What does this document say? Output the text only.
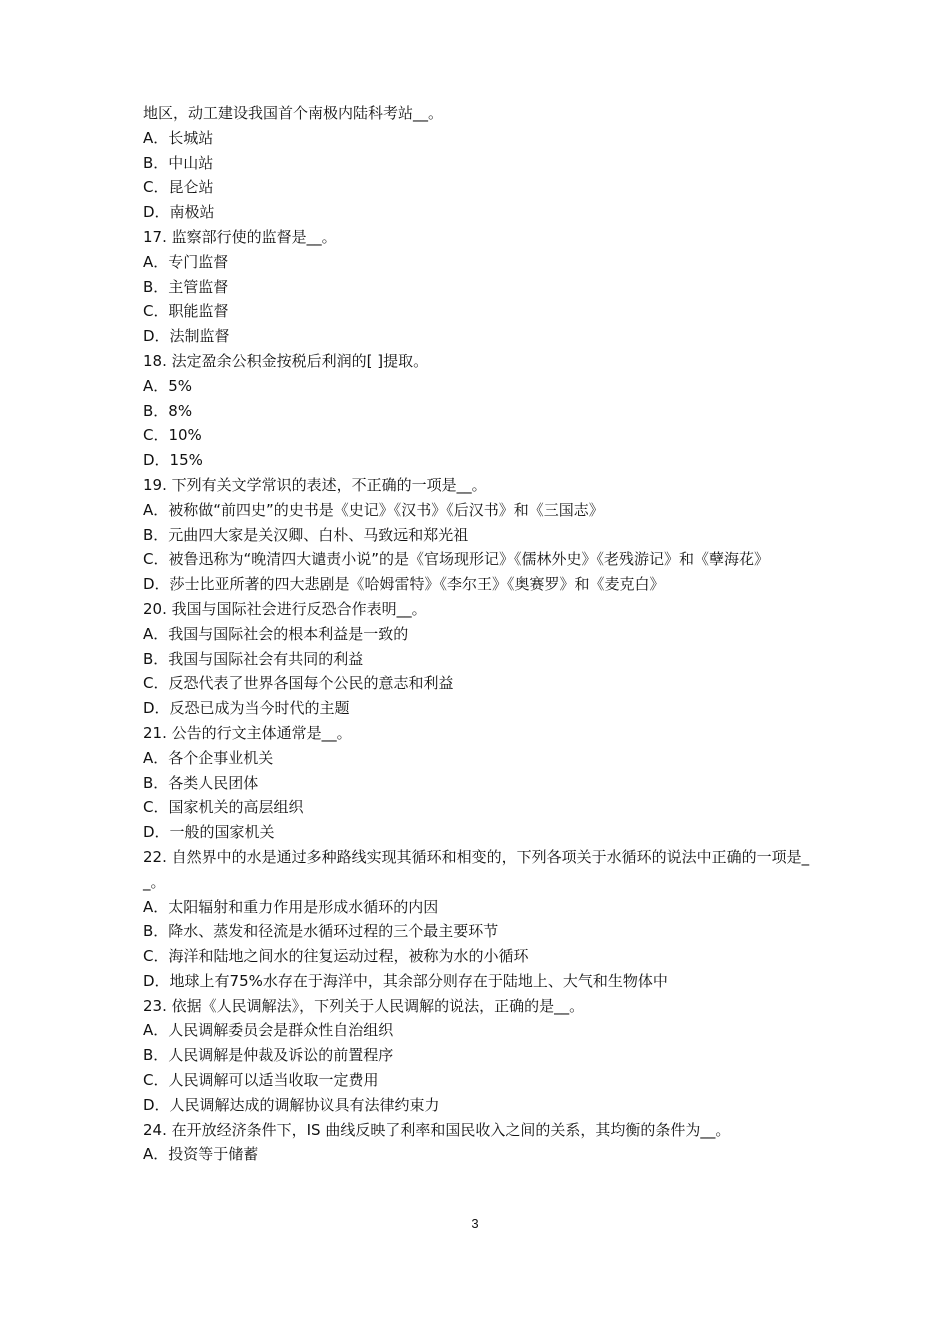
地区，动工建设我国首个南极内陆科考站__。
A．长城站
B．中山站
C．昆仑站
D．南极站
17. 监察部行使的监督是__。
A．专门监督
B．主管监督
C．职能监督
D．法制监督
18. 法定盈余公积金按税后利润的[ ]提取。
A．5%
B．8%
C．10%
D．15%
19. 下列有关文学常识的表述，不正确的一项是__。
A．被称做“前四史”的史书是《史记》《汉书》《后汉书》和《三国志》
B．元曲四大家是关汉卿、白朴、马致远和郑光祖
C．被鲁迅称为“晚清四大谴责小说”的是《官场现形记》《儒林外史》《老残游记》和《孽海花》
D．莎士比亚所著的四大悲剧是《哈姆雷特》《李尔王》《奥赛罗》和《麦克白》
20. 我国与国际社会进行反恐合作表明__。
A．我国与国际社会的根本利益是一致的
B．我国与国际社会有共同的利益
C．反恐代表了世界各国每个公民的意志和利益
D．反恐已成为当今时代的主题
21. 公告的行文主体通常是__。
A．各个企事业机关
B．各类人民团体
C．国家机关的高层组织
D．一般的国家机关
22. 自然界中的水是通过多种路线实现其循环和相变的，下列各项关于水循环的说法中正确的一项是__。
A．太阳辐射和重力作用是形成水循环的内因
B．降水、蒸发和径流是水循环过程的三个最主要环节
C．海洋和陆地之间水的往复运动过程，被称为水的小循环
D．地球上有75%水存在于海洋中，其余部分则存在于陆地上、大气和生物体中
23. 依据《人民调解法》，下列关于人民调解的说法，正确的是__。
A．人民调解委员会是群众性自治组织
B．人民调解是仲裁及诉讼的前置程序
C．人民调解可以适当收取一定费用
D．人民调解达成的调解协议具有法律约束力
24. 在开放经济条件下，IS 曲线反映了利率和国民收入之间的关系，其均衡的条件为__。
A．投资等于储蓄
3
